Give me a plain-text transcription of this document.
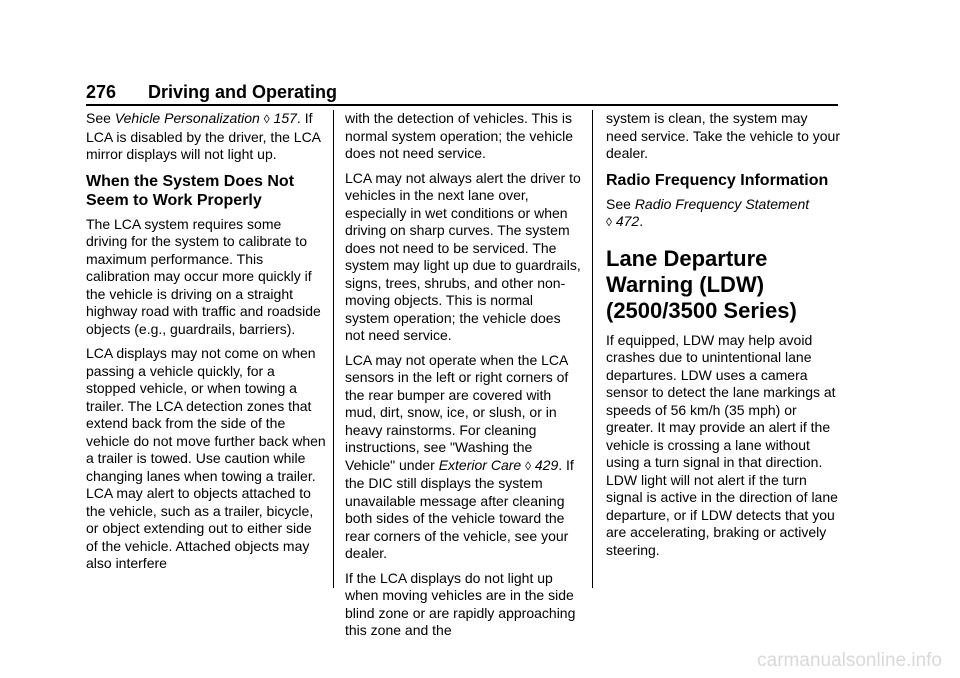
276 Driving and Operating

See Vehicle Personalization ◊ 157. If LCA is disabled by the driver, the LCA mirror displays will not light up.

When the System Does Not Seem to Work Properly

The LCA system requires some driving for the system to calibrate to maximum performance. This calibration may occur more quickly if the vehicle is driving on a straight highway road with traffic and roadside objects (e.g., guardrails, barriers).

LCA displays may not come on when passing a vehicle quickly, for a stopped vehicle, or when towing a trailer. The LCA detection zones that extend back from the side of the vehicle do not move further back when a trailer is towed. Use caution while changing lanes when towing a trailer. LCA may alert to objects attached to the vehicle, such as a trailer, bicycle, or object extending out to either side of the vehicle. Attached objects may also interfere

with the detection of vehicles. This is normal system operation; the vehicle does not need service.

LCA may not always alert the driver to vehicles in the next lane over, especially in wet conditions or when driving on sharp curves. The system does not need to be serviced. The system may light up due to guardrails, signs, trees, shrubs, and other non-moving objects. This is normal system operation; the vehicle does not need service.

LCA may not operate when the LCA sensors in the left or right corners of the rear bumper are covered with mud, dirt, snow, ice, or slush, or in heavy rainstorms. For cleaning instructions, see "Washing the Vehicle" under Exterior Care ◊ 429. If the DIC still displays the system unavailable message after cleaning both sides of the vehicle toward the rear corners of the vehicle, see your dealer.

If the LCA displays do not light up when moving vehicles are in the side blind zone or are rapidly approaching this zone and the

system is clean, the system may need service. Take the vehicle to your dealer.

Radio Frequency Information

See Radio Frequency Statement
◊ 472.

Lane Departure Warning (LDW) (2500/3500 Series)

If equipped, LDW may help avoid crashes due to unintentional lane departures. LDW uses a camera sensor to detect the lane markings at speeds of 56 km/h (35 mph) or greater. It may provide an alert if the vehicle is crossing a lane without using a turn signal in that direction. LDW light will not alert if the turn signal is active in the direction of lane departure, or if LDW detects that you are accelerating, braking or actively steering.

carmanualsonline.info
